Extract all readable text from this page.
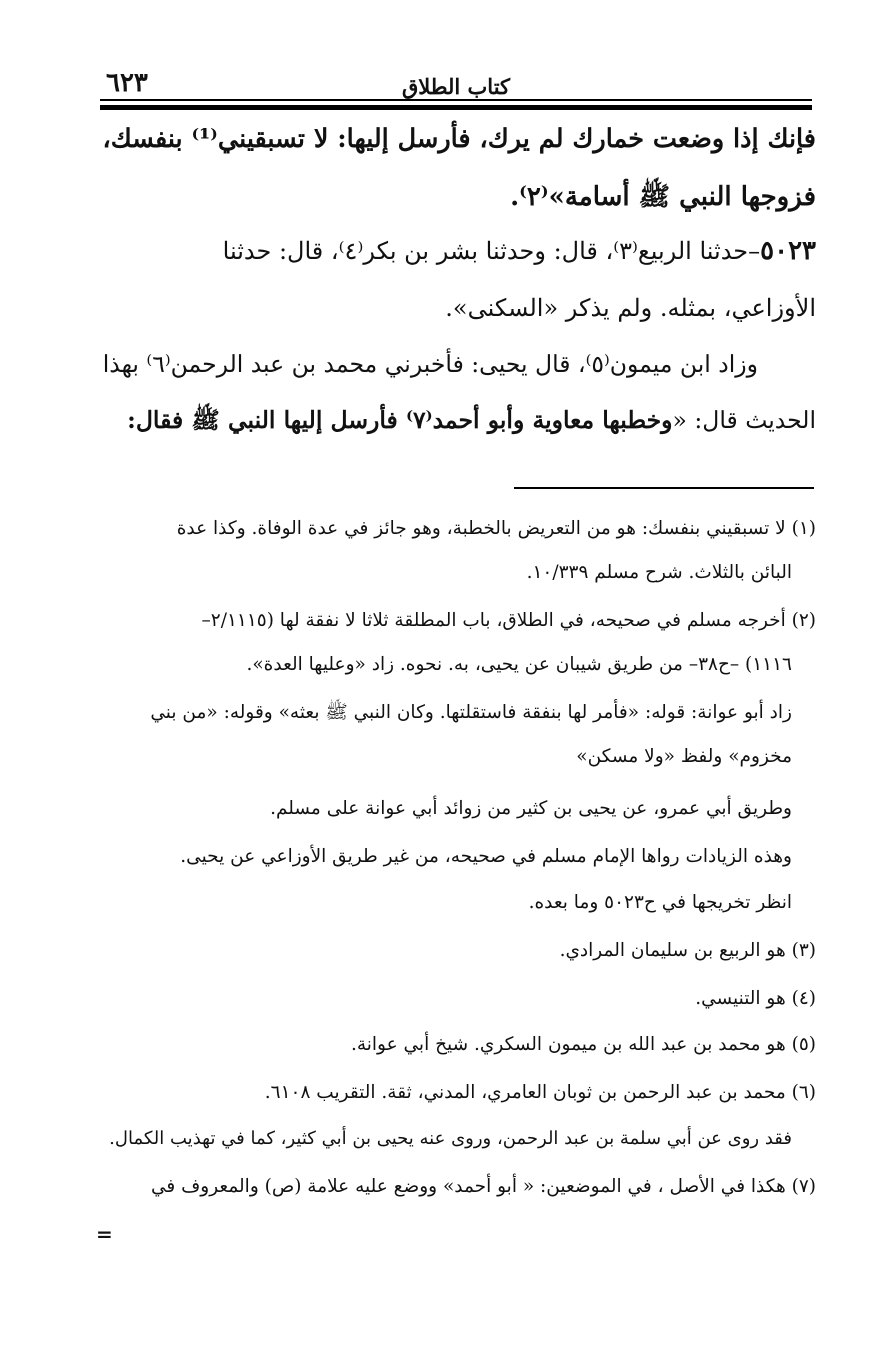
٦٢٣	كتاب الطلاق
فإنك إذا وضعت خمارك لم يرك، فأرسل إليها: لا تسبقيني⁽¹⁾ بنفسك،
فزوجها النبي ﷺ أسامة»⁽٢⁾.
٥٠٢٣–حدثنا الربيع⁽٣⁾، قال: وحدثنا بشر بن بكر⁽٤⁾، قال: حدثنا
الأوزاعي، بمثله. ولم يذكر «السكنى».
وزاد ابن ميمون⁽٥⁾، قال يحيى: فأخبرني محمد بن عبد الرحمن⁽٦⁾ بهذا
الحديث قال: «وخطبها معاوية وأبو أحمد⁽٧⁾ فأرسل إليها النبي ﷺ فقال:
(١) لا تسبقيني بنفسك: هو من التعريض بالخطبة، وهو جائز في عدة الوفاة. وكذا عدة
البائن بالثلاث. شرح مسلم ١٠/٣٣٩.
(٢) أخرجه مسلم في صحيحه، في الطلاق، باب المطلقة ثلاثا لا نفقة لها (٢/١١١٥–
١١١٦) –ح٣٨– من طريق شيبان عن يحيى، به. نحوه. زاد «وعليها العدة».
زاد أبو عوانة: قوله: «فأمر لها بنفقة فاستقلتها. وكان النبي ﷺ بعثه» وقوله: «من بني
مخزوم» ولفظ «ولا مسكن»
وطريق أبي عمرو، عن يحيى بن كثير من زوائد أبي عوانة على مسلم.
وهذه الزيادات رواها الإمام مسلم في صحيحه، من غير طريق الأوزاعي عن يحيى.
انظر تخريجها في ح٥٠٢٣ وما بعده.
(٣) هو الربيع بن سليمان المرادي.
(٤) هو التنيسي.
(٥) هو محمد بن عبد الله بن ميمون السكري. شيخ أبي عوانة.
(٦) محمد بن عبد الرحمن بن ثوبان العامري، المدني، ثقة. التقريب ٦١٠٨.
فقد روى عن أبي سلمة بن عبد الرحمن، وروى عنه يحيى بن أبي كثير، كما في تهذيب الكمال.
(٧) هكذا في الأصل ، في الموضعين: « أبو أحمد» ووضع عليه علامة (ص) والمعروف في
=
